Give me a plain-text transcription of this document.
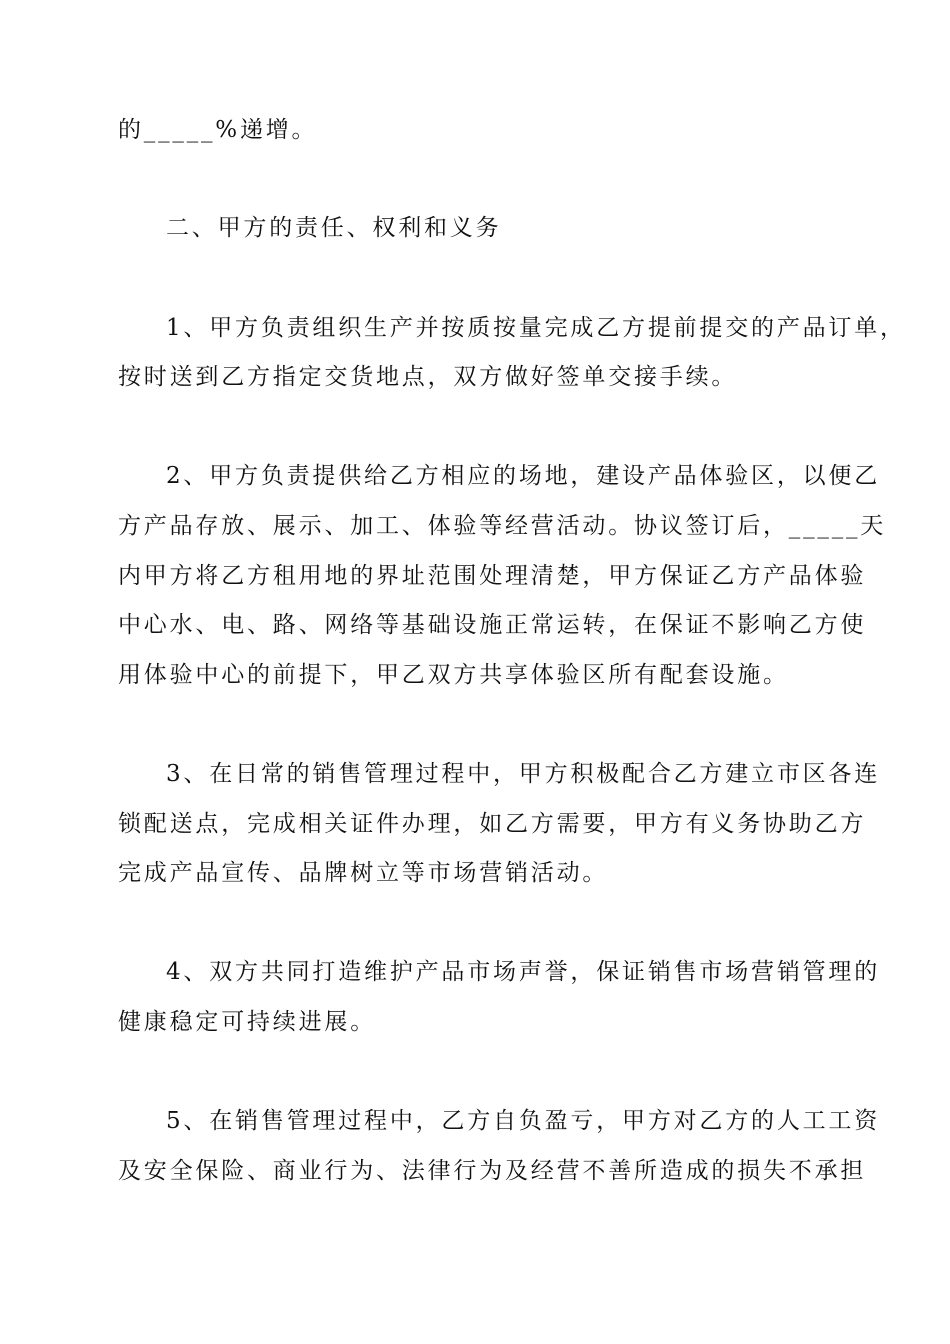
的_____%递增。
二、甲方的责任、权利和义务
1、甲方负责组织生产并按质按量完成乙方提前提交的产品订单，
按时送到乙方指定交货地点，双方做好签单交接手续。
2、甲方负责提供给乙方相应的场地，建设产品体验区，以便乙
方产品存放、展示、加工、体验等经营活动。协议签订后，_____天
内甲方将乙方租用地的界址范围处理清楚，甲方保证乙方产品体验
中心水、电、路、网络等基础设施正常运转，在保证不影响乙方使
用体验中心的前提下，甲乙双方共享体验区所有配套设施。
3、在日常的销售管理过程中，甲方积极配合乙方建立市区各连
锁配送点，完成相关证件办理，如乙方需要，甲方有义务协助乙方
完成产品宣传、品牌树立等市场营销活动。
4、双方共同打造维护产品市场声誉，保证销售市场营销管理的
健康稳定可持续进展。
5、在销售管理过程中，乙方自负盈亏，甲方对乙方的人工工资
及安全保险、商业行为、法律行为及经营不善所造成的损失不承担
